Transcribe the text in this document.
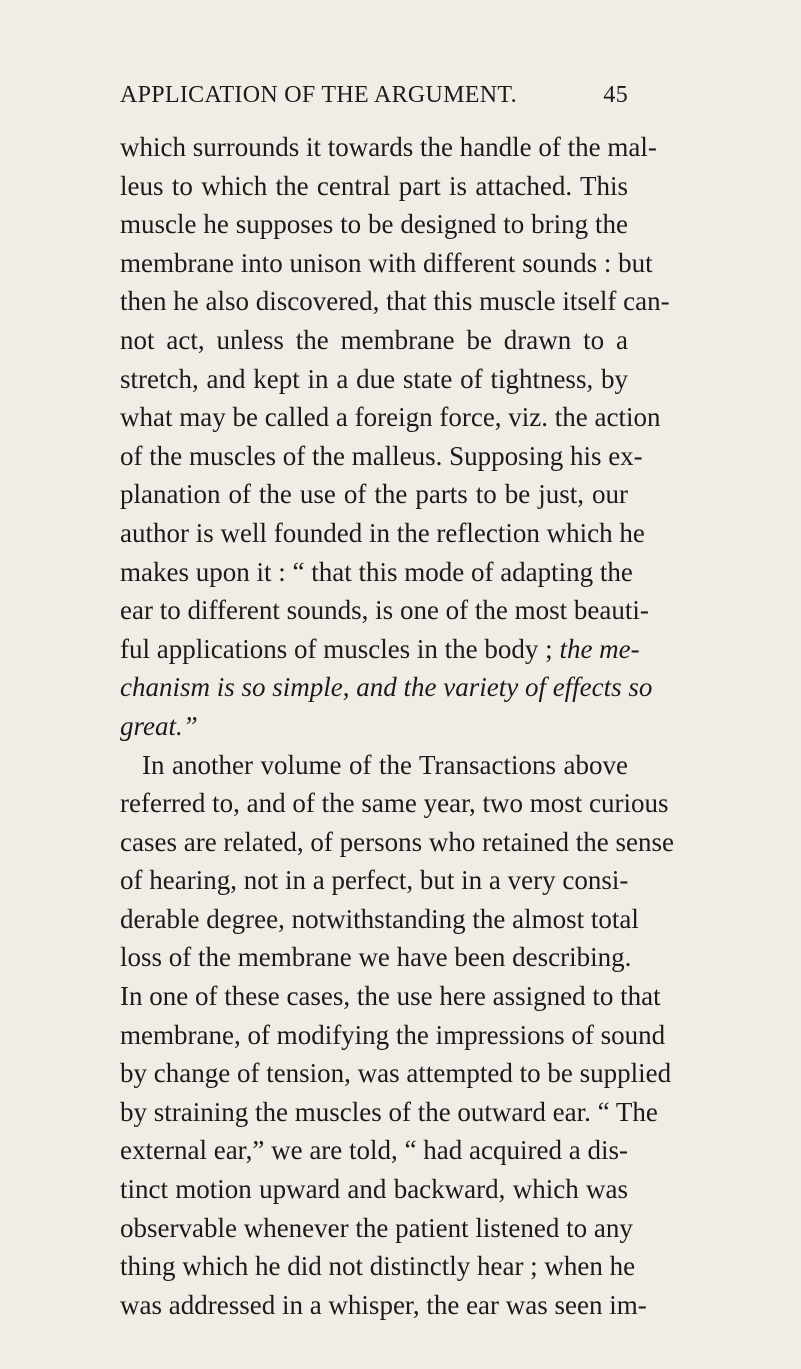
APPLICATION OF THE ARGUMENT.	45
which surrounds it towards the handle of the mal-
leus to which the central part is attached. This
muscle he supposes to be designed to bring the
membrane into unison with different sounds : but
then he also discovered, that this muscle itself can-
not act, unless the membrane be drawn to a
stretch, and kept in a due state of tightness, by
what may be called a foreign force, viz. the action
of the muscles of the malleus. Supposing his ex-
planation of the use of the parts to be just, our
author is well founded in the reflection which he
makes upon it : “ that this mode of adapting the
ear to different sounds, is one of the most beauti-
ful applications of muscles in the body ; the me-
chanism is so simple, and the variety of effects so
great.”
In another volume of the Transactions above
referred to, and of the same year, two most curious
cases are related, of persons who retained the sense
of hearing, not in a perfect, but in a very consi-
derable degree, notwithstanding the almost total
loss of the membrane we have been describing.
In one of these cases, the use here assigned to that
membrane, of modifying the impressions of sound
by change of tension, was attempted to be supplied
by straining the muscles of the outward ear. “ The
external ear,” we are told, “ had acquired a dis-
tinct motion upward and backward, which was
observable whenever the patient listened to any
thing which he did not distinctly hear ; when he
was addressed in a whisper, the ear was seen im-
